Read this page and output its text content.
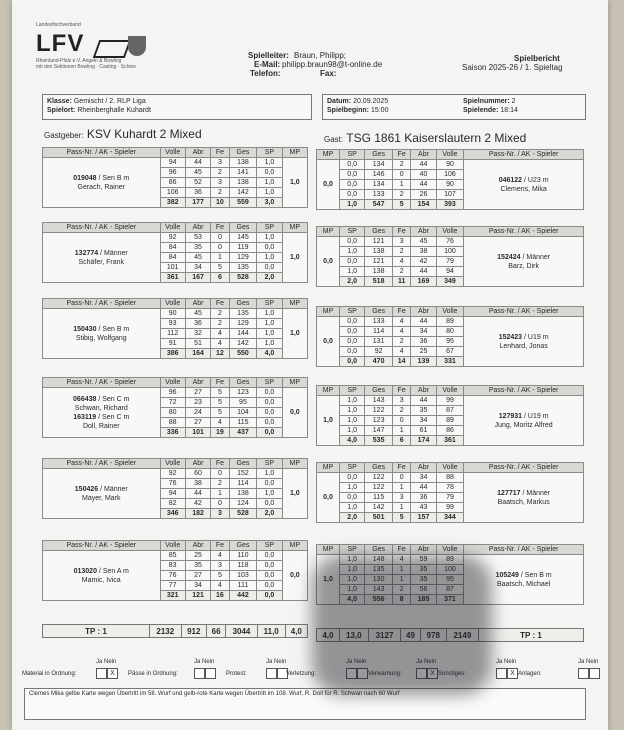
Landesfischverband
LFV
Rheinland-Pfalz e.V. Angeln & Bowling
mit den Sektionen Bowling · Casting · Schies
Spielleiter: Braun, Philipp;
E-Mail: philipp.braun98@t-online.de
Telefon:	Fax:
Spielbericht
Saison 2025-26 / 1. Spieltag
Klasse: Gemischt / 2. RLP Liga
Spielort: Rheinberghalle Kuhardt
Datum: 20.09.2025
Spielbeginn: 15:00
Spielnummer: 2
Spielende: 18:14
Gastgeber: KSV Kuhardt 2 Mixed	Gast: TSG 1861 Kaiserslautern 2 Mixed
Pass-Nr. / AK - Spieler	Volle	Abr	Fe	Ges	SP	MP

019048 / Sen B m
Gerach, Rainer	94	44	3	138	1,0	1,0
	96	45	2	141	0,0	
	86	52	3	138	1,0	
	106	36	2	142	1,0	
	382	177	10	559	3,0	
MP	SP	Ges	Fe	Abr	Volle	Pass-Nr. / AK - Spieler
0,0	0,0	134	2	44	90	046122 / U23 m
Clemens, Mika

	0,0	146	0	40	106	
	0,0	134	1	44	90	
	0,0	133	2	26	107	
	1,0	547	5	154	393	
Pass-Nr. / AK - Spieler	Volle	Abr	Fe	Ges	SP	MP

132774 / Männer
Schäfer, Frank	92	53	0	145	1,0	1,0
	84	35	0	119	0,0	
	84	45	1	129	1,0	
	101	34	5	135	0,0	
	361	167	6	528	2,0	
MP	SP	Ges	Fe	Abr	Volle	Pass-Nr. / AK - Spieler
0,0	0,0	121	3	45	76	152424 / Männer
Barz, Dirk

	1,0	138	2	38	100	
	0,0	121	4	42	79	
	1,0	138	2	44	94	
	2,0	518	11	169	349	
Pass-Nr. / AK - Spieler	Volle	Abr	Fe	Ges	SP	MP

150430 / Sen B m
Stibig, Wolfgang	90	45	2	135	1,0	1,0
	93	36	2	129	1,0	
	112	32	4	144	1,0	
	91	51	4	142	1,0	
	386	164	12	550	4,0	
MP	SP	Ges	Fe	Abr	Volle	Pass-Nr. / AK - Spieler
0,0	0,0	133	4	44	89	152423 / U19 m
Lenhard, Jonas

	0,0	114	4	34	80	
	0,0	131	2	36	95	
	0,0	92	4	25	67	
	0,0	470	14	139	331	
Pass-Nr. / AK - Spieler	Volle	Abr	Fe	Ges	SP	MP

066438 / Sen C m
Schwan, Richard
163119 / Sen C m
Doll, Rainer	96	27	5	123	0,0	0,0
	72	23	5	95	0,0	
	80	24	5	104	0,0	
	88	27	4	115	0,0	
	336	101	19	437	0,0	
MP	SP	Ges	Fe	Abr	Volle	Pass-Nr. / AK - Spieler
1,0	1,0	143	3	44	99	127931 / U19 m
Jung, Moritz Alfred

	1,0	122	2	35	87	
	1,0	123	0	34	89	
	1,0	147	1	61	86	
	4,0	535	6	174	361	
Pass-Nr. / AK - Spieler	Volle	Abr	Fe	Ges	SP	MP

150426 / Männer
Mayer, Mark	92	60	0	152	1,0	1,0
	76	38	2	114	0,0	
	94	44	1	138	1,0	
	82	42	0	124	0,0	
	346	182	3	528	2,0	
MP	SP	Ges	Fe	Abr	Volle	Pass-Nr. / AK - Spieler
0,0	0,0	122	0	34	88	127717 / Männer
Baatsch, Markus

	1,0	122	1	44	78	
	0,0	115	3	36	79	
	1,0	142	1	43	99	
	2,0	501	5	157	344	
Pass-Nr. / AK - Spieler	Volle	Abr	Fe	Ges	SP	MP

013020 / Sen A m
Mamic, Ivica	85	25	4	110	0,0	0,0
	83	35	3	118	0,0	
	76	27	5	103	0,0	
	77	34	4	111	0,0	
	321	121	16	442	0,0	
MP	SP	Ges	Fe	Abr	Volle	Pass-Nr. / AK - Spieler
1,0	1,0	148	4	59	89	105249 / Sen B m
Baatsch, Michael

	1,0	135	1	35	100	
	1,0	130	1	35	95	
	1,0	143	2	56	87	
	4,0	556	8	185	371	
TP : 1	2132	912	66	3044	11,0	4,0	4,0	13,0	3127	49	978	2149	TP : 1
Ja Nein
Material in Ordnung:	X
Ja Nein
Pässe in Ordnung:
Ja Nein
Protest:
Ja Nein
Verletzung:
Ja Nein
Verwarnung:	X
Ja Nein
Sonstiges:	X
Ja Nein
Anlagen:
Clemes Mika gelbe Karte wegen Übertritt im 58. Wurf und gelb-rote Karte wegen Übertritt im 108. Wurf, R. Doll für R. Schwan nach 60 Wurf
